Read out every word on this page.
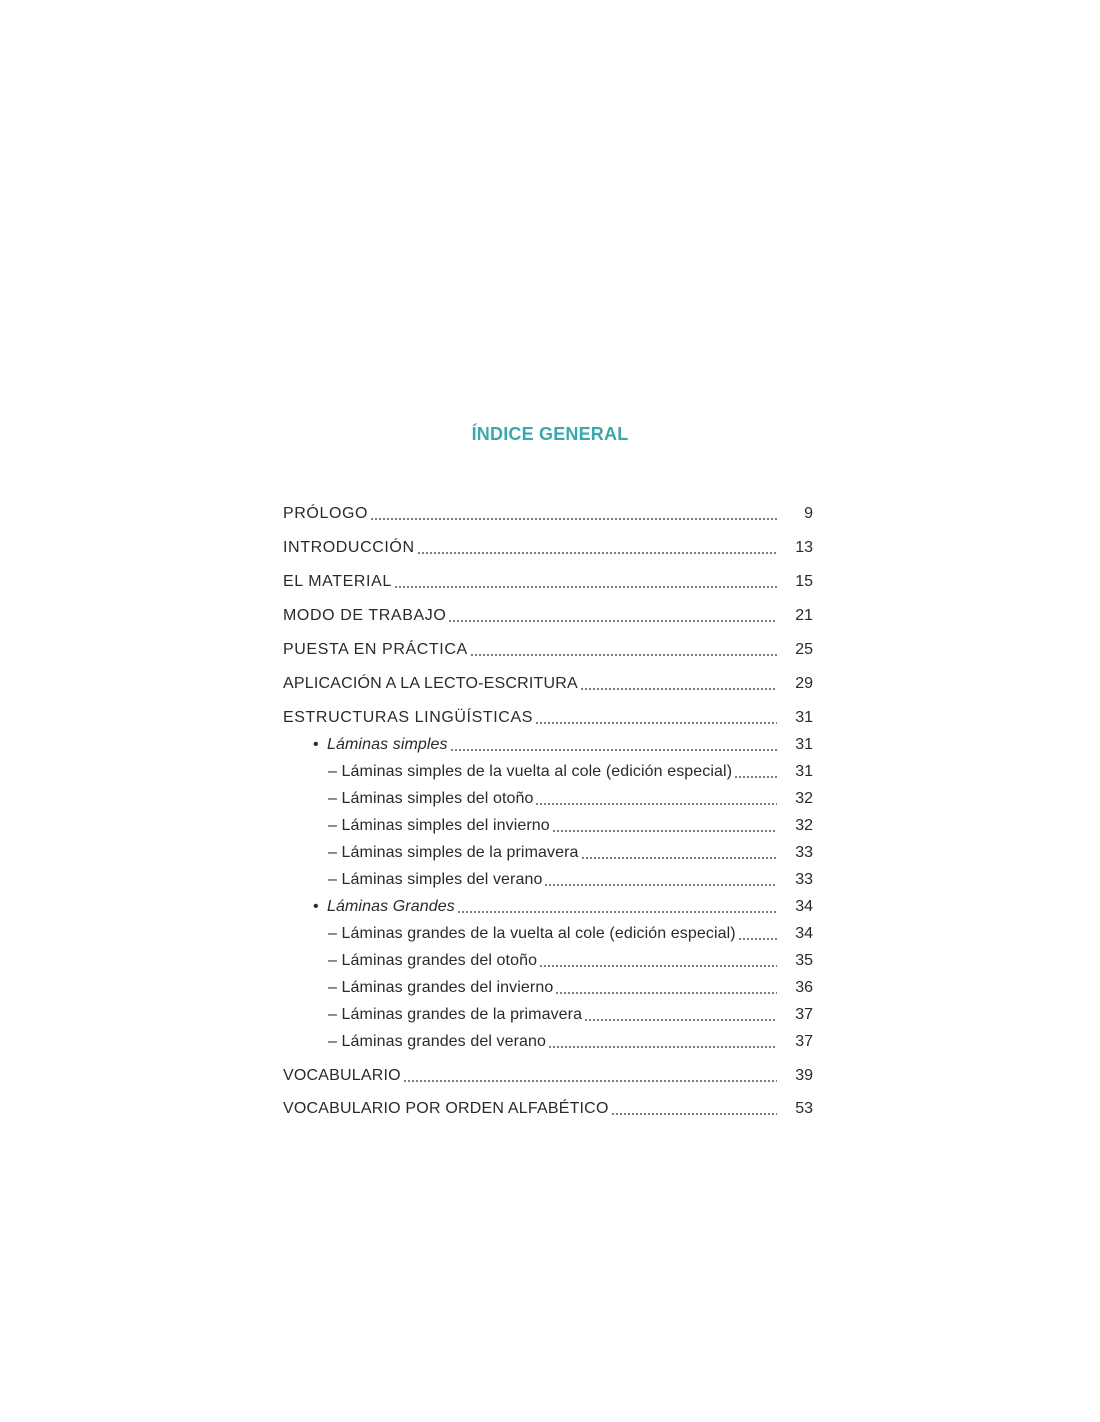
ÍNDICE GENERAL
PRÓLOGO	9
INTRODUCCIÓN	13
EL MATERIAL	15
MODO DE TRABAJO	21
PUESTA EN PRÁCTICA	25
APLICACIÓN A LA LECTO-ESCRITURA	29
ESTRUCTURAS LINGÜÍSTICAS	31
• Láminas simples	31
– Láminas simples de la vuelta al cole (edición especial)	31
– Láminas simples del otoño	32
– Láminas simples del invierno	32
– Láminas simples de la primavera	33
– Láminas simples del verano	33
• Láminas Grandes	34
– Láminas grandes de la vuelta al cole (edición especial)	34
– Láminas grandes del otoño	35
– Láminas grandes del invierno	36
– Láminas grandes de la primavera	37
– Láminas grandes del verano	37
VOCABULARIO	39
VOCABULARIO POR ORDEN ALFABÉTICO	53
